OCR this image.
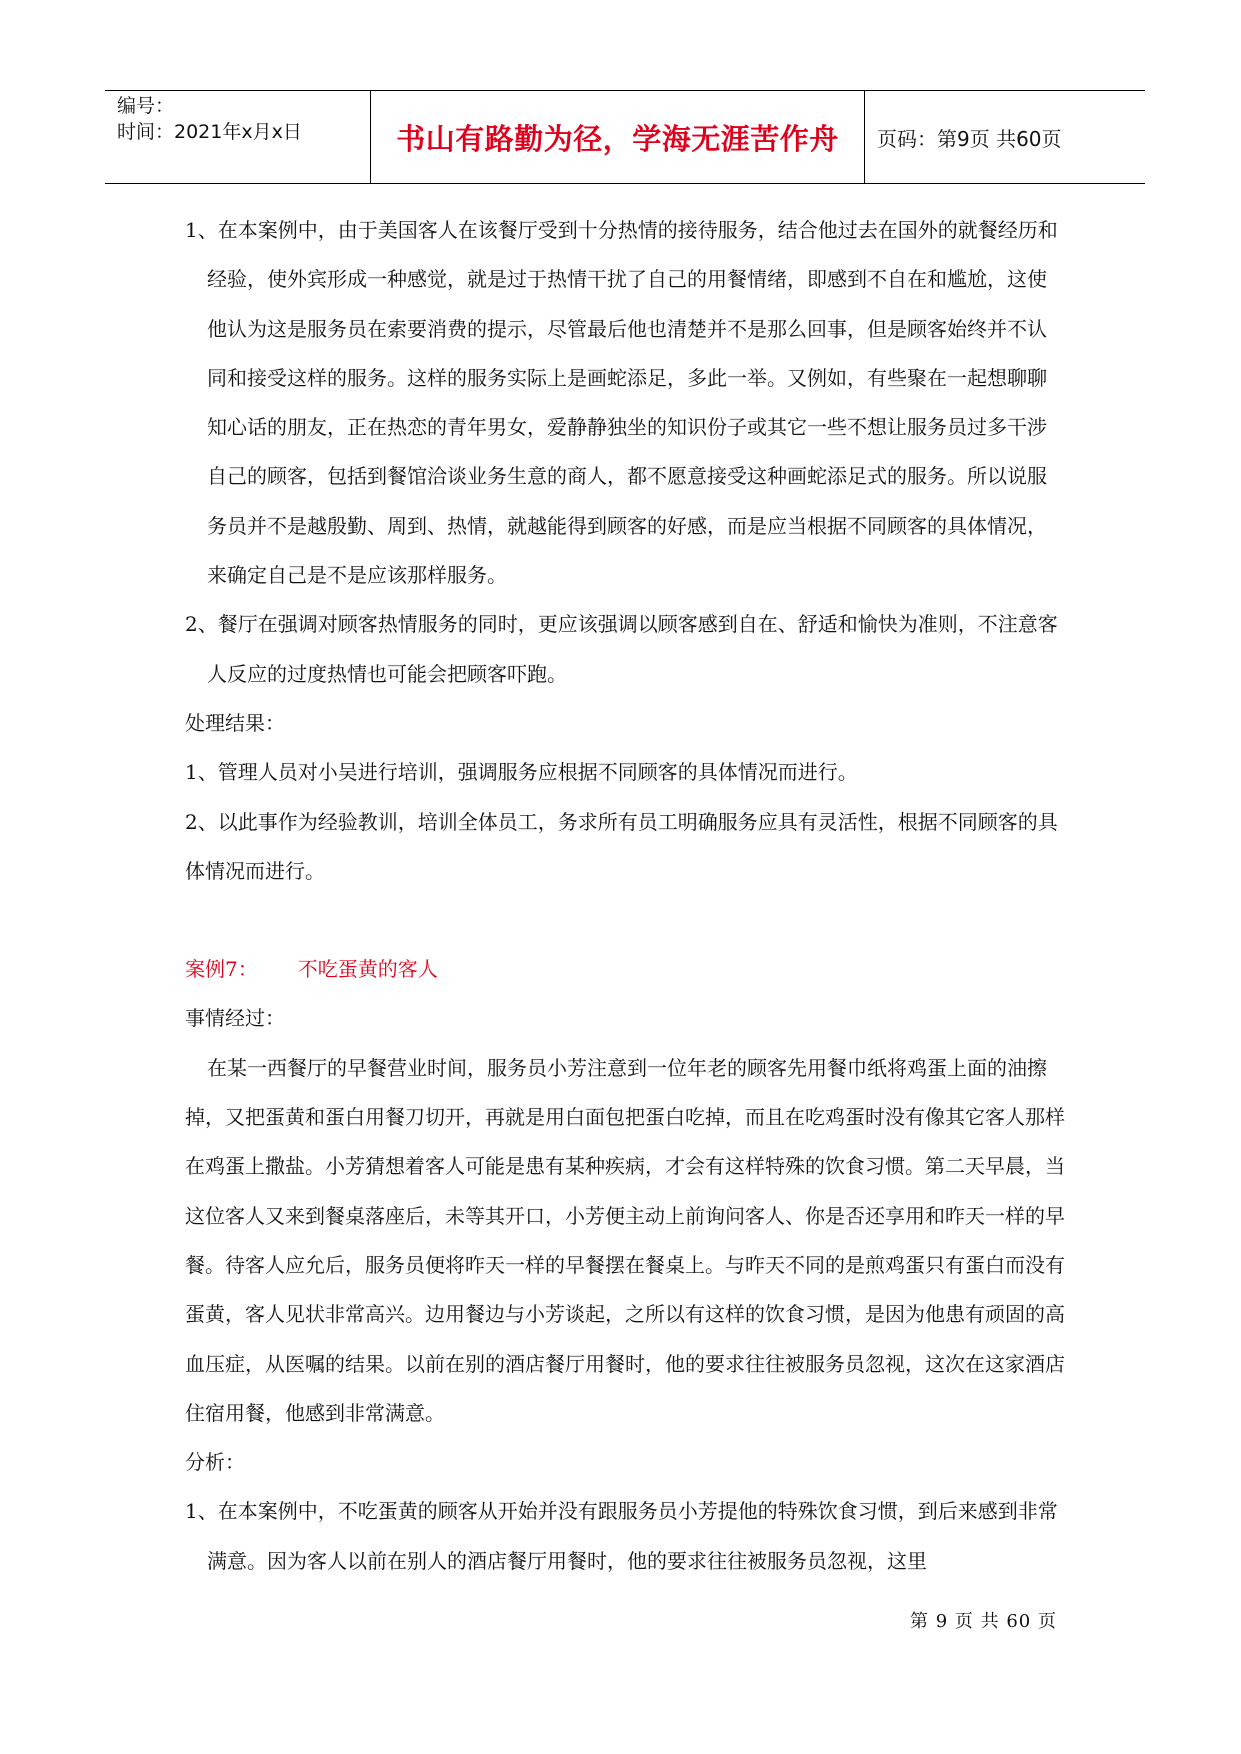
编号：
时间：2021年x月x日	书山有路勤为径，学海无涯苦作舟 页码：第9页 共60页

1、在本案例中，由于美国客人在该餐厅受到十分热情的接待服务，结合他过去在国外的就餐经历和经验，使外宾形成一种感觉，就是过于热情干扰了自己的用餐情绪，即感到不自在和尴尬，这使他认为这是服务员在索要消费的提示，尽管最后他也清楚并不是那么回事，但是顾客始终并不认同和接受这样的服务。这样的服务实际上是画蛇添足，多此一举。又例如，有些聚在一起想聊聊知心话的朋友，正在热恋的青年男女，爱静静独坐的知识份子或其它一些不想让服务员过多干涉自己的顾客，包括到餐馆洽谈业务生意的商人，都不愿意接受这种画蛇添足式的服务。所以说服务员并不是越殷勤、周到、热情，就越能得到顾客的好感，而是应当根据不同顾客的具体情况，来确定自己是不是应该那样服务。

2、餐厅在强调对顾客热情服务的同时，更应该强调以顾客感到自在、舒适和愉快为准则，不注意客人反应的过度热情也可能会把顾客吓跑。

处理结果：

1、管理人员对小吴进行培训，强调服务应根据不同顾客的具体情况而进行。

2、以此事作为经验教训，培训全体员工，务求所有员工明确服务应具有灵活性，根据不同顾客的具体情况而进行。

案例7： 不吃蛋黄的客人

事情经过：

在某一西餐厅的早餐营业时间，服务员小芳注意到一位年老的顾客先用餐巾纸将鸡蛋上面的油擦掉，又把蛋黄和蛋白用餐刀切开，再就是用白面包把蛋白吃掉，而且在吃鸡蛋时没有像其它客人那样在鸡蛋上撒盐。小芳猜想着客人可能是患有某种疾病，才会有这样特殊的饮食习惯。第二天早晨，当这位客人又来到餐桌落座后，未等其开口，小芳便主动上前询问客人、你是否还享用和昨天一样的早餐。待客人应允后，服务员便将昨天一样的早餐摆在餐桌上。与昨天不同的是煎鸡蛋只有蛋白而没有蛋黄，客人见状非常高兴。边用餐边与小芳谈起，之所以有这样的饮食习惯，是因为他患有顽固的高血压症，从医嘱的结果。以前在别的酒店餐厅用餐时，他的要求往往被服务员忽视，这次在这家酒店住宿用餐，他感到非常满意。

分析：

1、在本案例中，不吃蛋黄的顾客从开始并没有跟服务员小芳提他的特殊饮食习惯，到后来感到非常满意。因为客人以前在别人的酒店餐厅用餐时，他的要求往往被服务员忽视，这里

第 9 页 共 60 页
